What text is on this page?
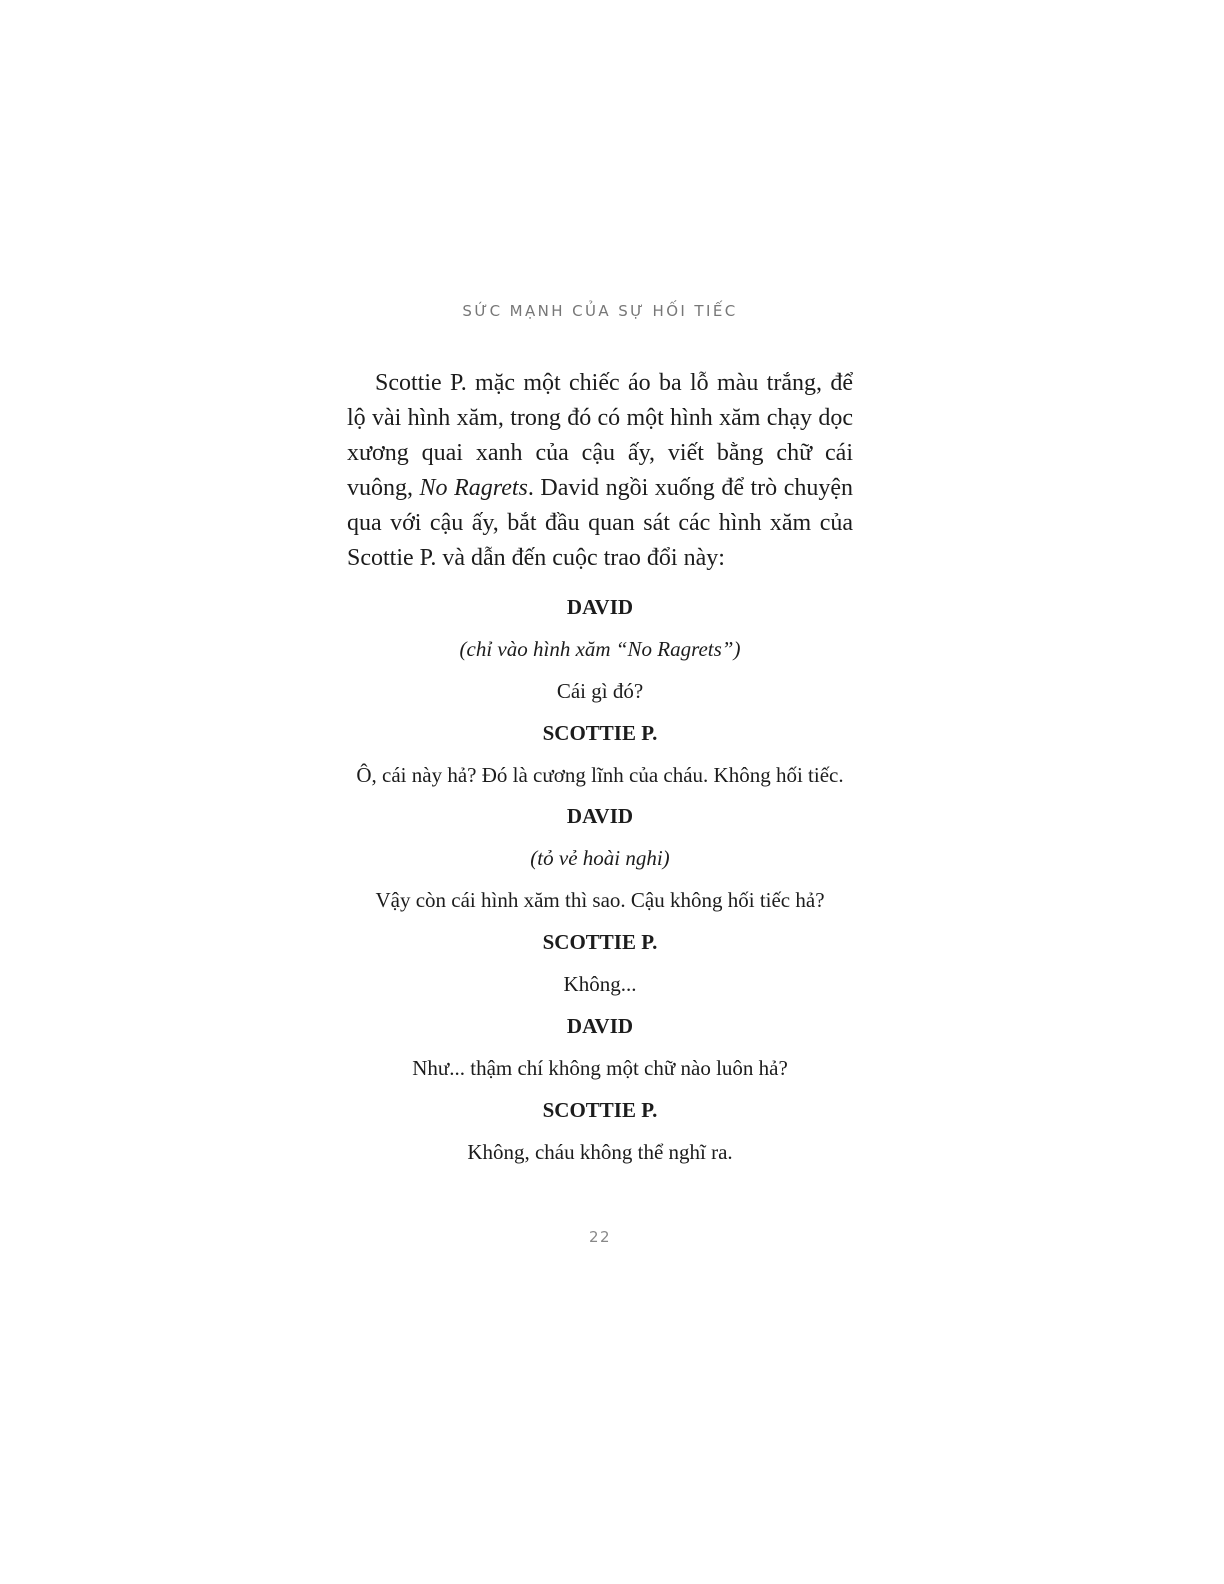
SỨC MẠNH CỦA SỰ HỐI TIẾC

Scottie P. mặc một chiếc áo ba lỗ màu trắng, để lộ vài hình xăm, trong đó có một hình xăm chạy dọc xương quai xanh của cậu ấy, viết bằng chữ cái vuông, No Ragrets. David ngồi xuống để trò chuyện qua với cậu ấy, bắt đầu quan sát các hình xăm của Scottie P. và dẫn đến cuộc trao đổi này:

DAVID
(chỉ vào hình xăm “No Ragrets”)
Cái gì đó?
SCOTTIE P.
Ô, cái này hả? Đó là cương lĩnh của cháu. Không hối tiếc.
DAVID
(tỏ vẻ hoài nghi)
Vậy còn cái hình xăm thì sao. Cậu không hối tiếc hả?
SCOTTIE P.
Không...
DAVID
Như... thậm chí không một chữ nào luôn hả?
SCOTTIE P.
Không, cháu không thể nghĩ ra.
22
